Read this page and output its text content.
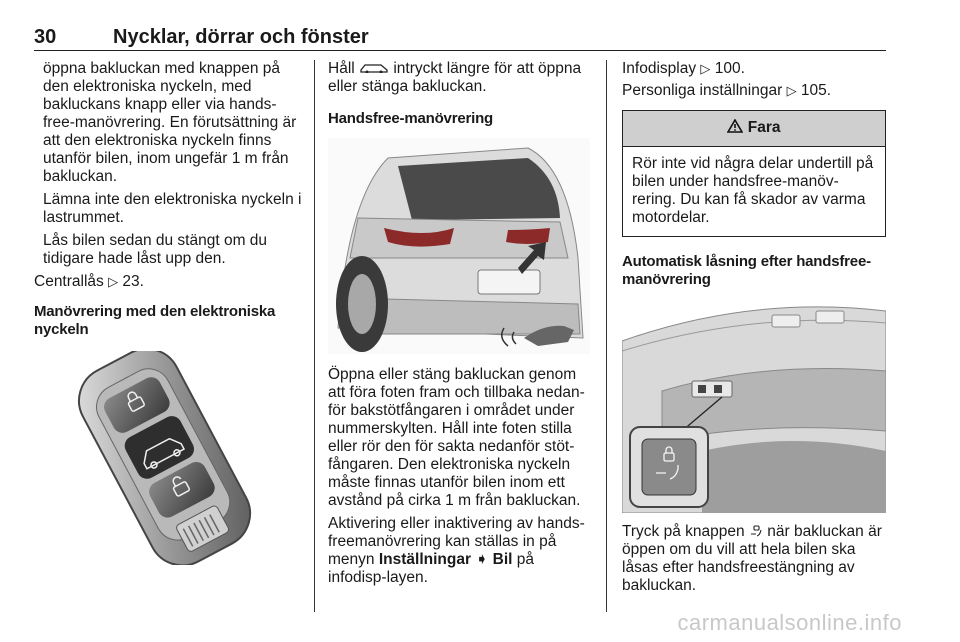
30	Nycklar, dörrar och fönster

öppna bakluckan med knappen på den elektroniska nyckeln, med bakluckans knapp eller via hands-free-manövrering. En förutsättning är att den elektroniska nyckeln finns utanför bilen, inom ungefär 1 m från bakluckan.

Lämna inte den elektroniska nyckeln i lastrummet.

Lås bilen sedan du stängt om du tidigare hade låst upp den.

Centrallås ▷ 23.

Manövrering med den elektroniska nyckeln

Håll intryckt längre för att öppna eller stänga bakluckan.

Handsfree-manövrering

Öppna eller stäng bakluckan genom att föra foten fram och tillbaka nedan-för bakstötfångaren i området under nummerskylten. Håll inte foten stilla eller rör den för sakta nedanför stöt-fångaren. Den elektroniska nyckeln måste finnas utanför bilen inom ett avstånd på cirka 1 m från bakluckan.

Aktivering eller inaktivering av hands-freemanövrering kan ställas in på menyn Inställningar ➧ Bil på infodisp-layen.

Infodisplay ▷ 100.

Personliga inställningar ▷ 105.

Fara
Rör inte vid några delar undertill på bilen under handsfree-manöv-rering. Du kan få skador av varma motordelar.
Automatisk låsning efter handsfree-manövrering

Tryck på knappen när bakluckan är öppen om du vill att hela bilen ska låsas efter handsfreestängning av bakluckan.

carmanualsonline.info
